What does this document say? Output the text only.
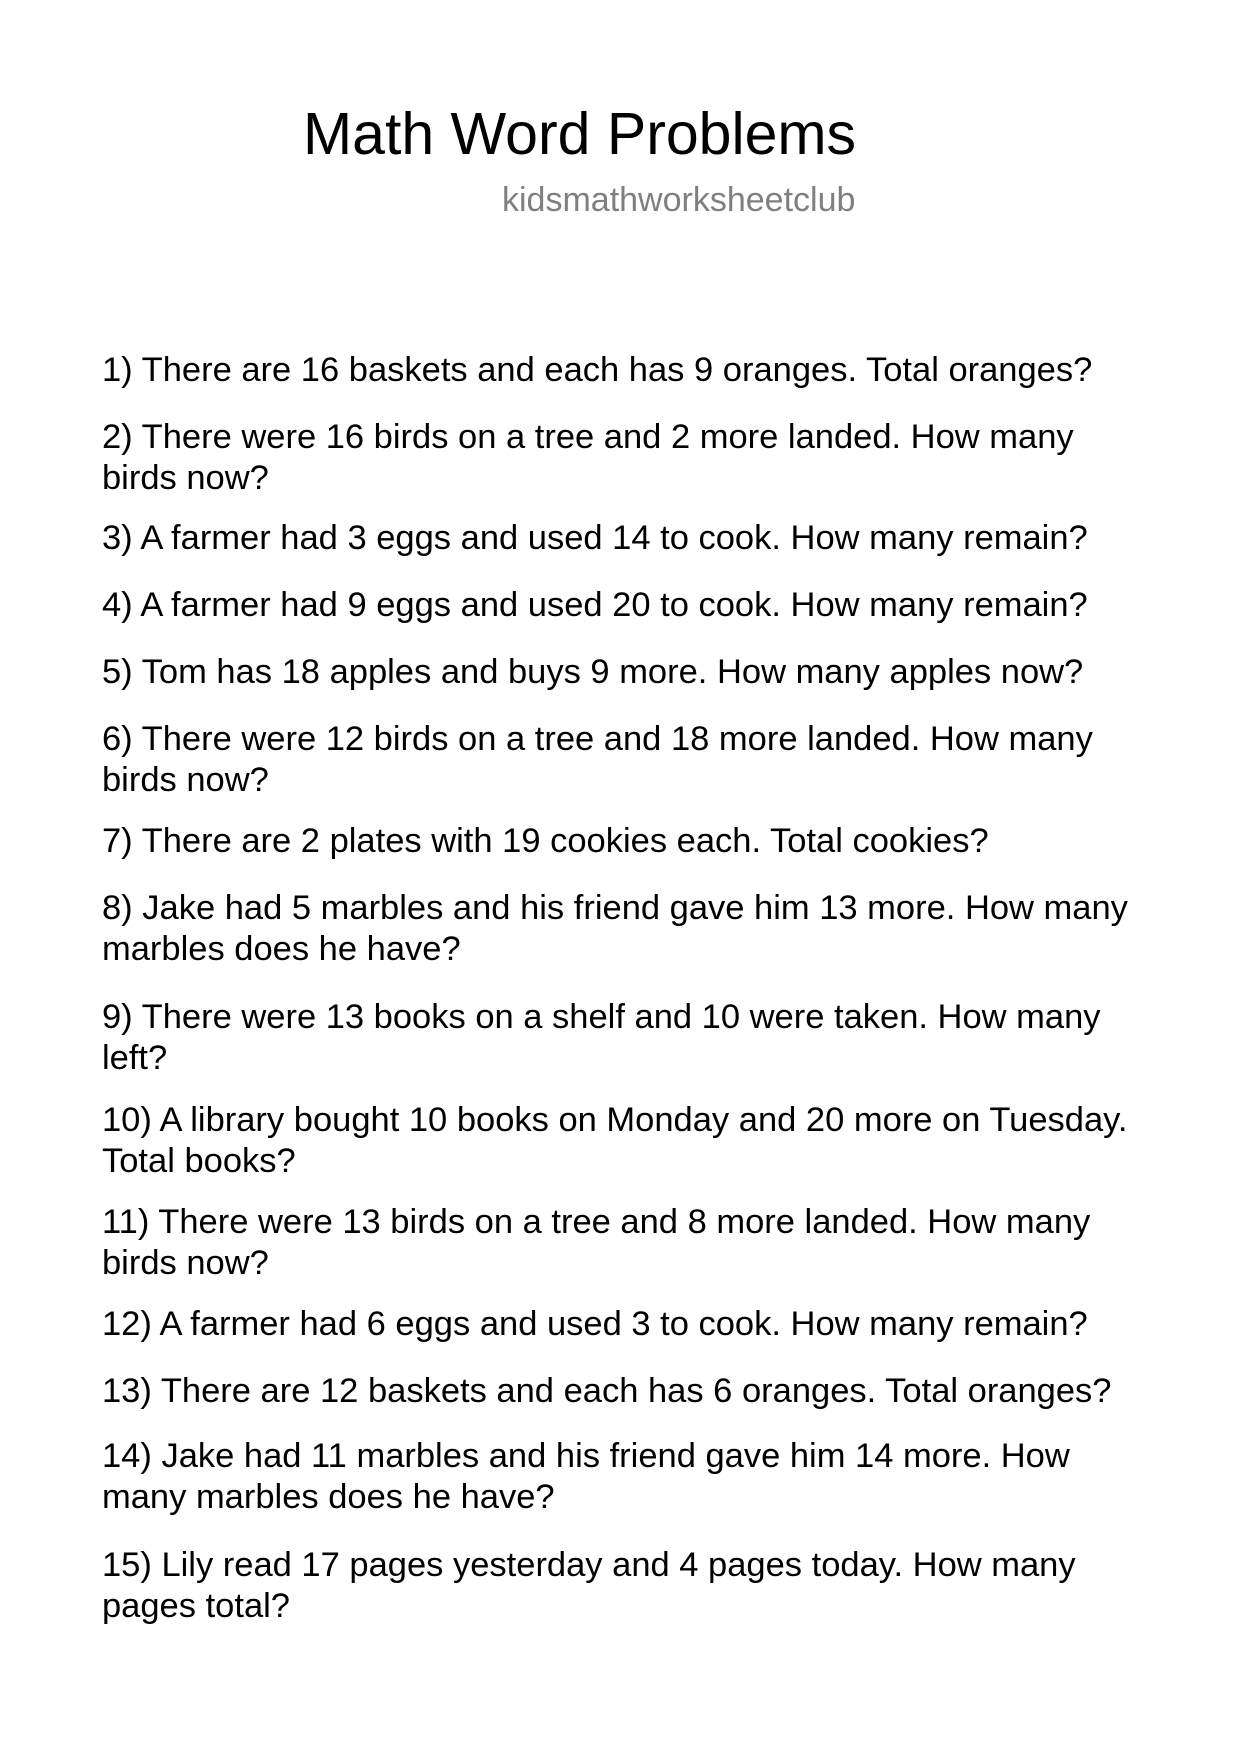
Math Word Problems
kidsmathworksheetclub

1) There are 16 baskets and each has 9 oranges. Total oranges?

2) There were 16 birds on a tree and 2 more landed. How many birds now?

3) A farmer had 3 eggs and used 14 to cook. How many remain?

4) A farmer had 9 eggs and used 20 to cook. How many remain?

5) Tom has 18 apples and buys 9 more. How many apples now?

6) There were 12 birds on a tree and 18 more landed. How many birds now?

7) There are 2 plates with 19 cookies each. Total cookies?

8) Jake had 5 marbles and his friend gave him 13 more. How many marbles does he have?

9) There were 13 books on a shelf and 10 were taken. How many left?

10) A library bought 10 books on Monday and 20 more on Tuesday. Total books?

11) There were 13 birds on a tree and 8 more landed. How many birds now?

12) A farmer had 6 eggs and used 3 to cook. How many remain?

13) There are 12 baskets and each has 6 oranges. Total oranges?

14) Jake had 11 marbles and his friend gave him 14 more. How many marbles does he have?

15) Lily read 17 pages yesterday and 4 pages today. How many pages total?
